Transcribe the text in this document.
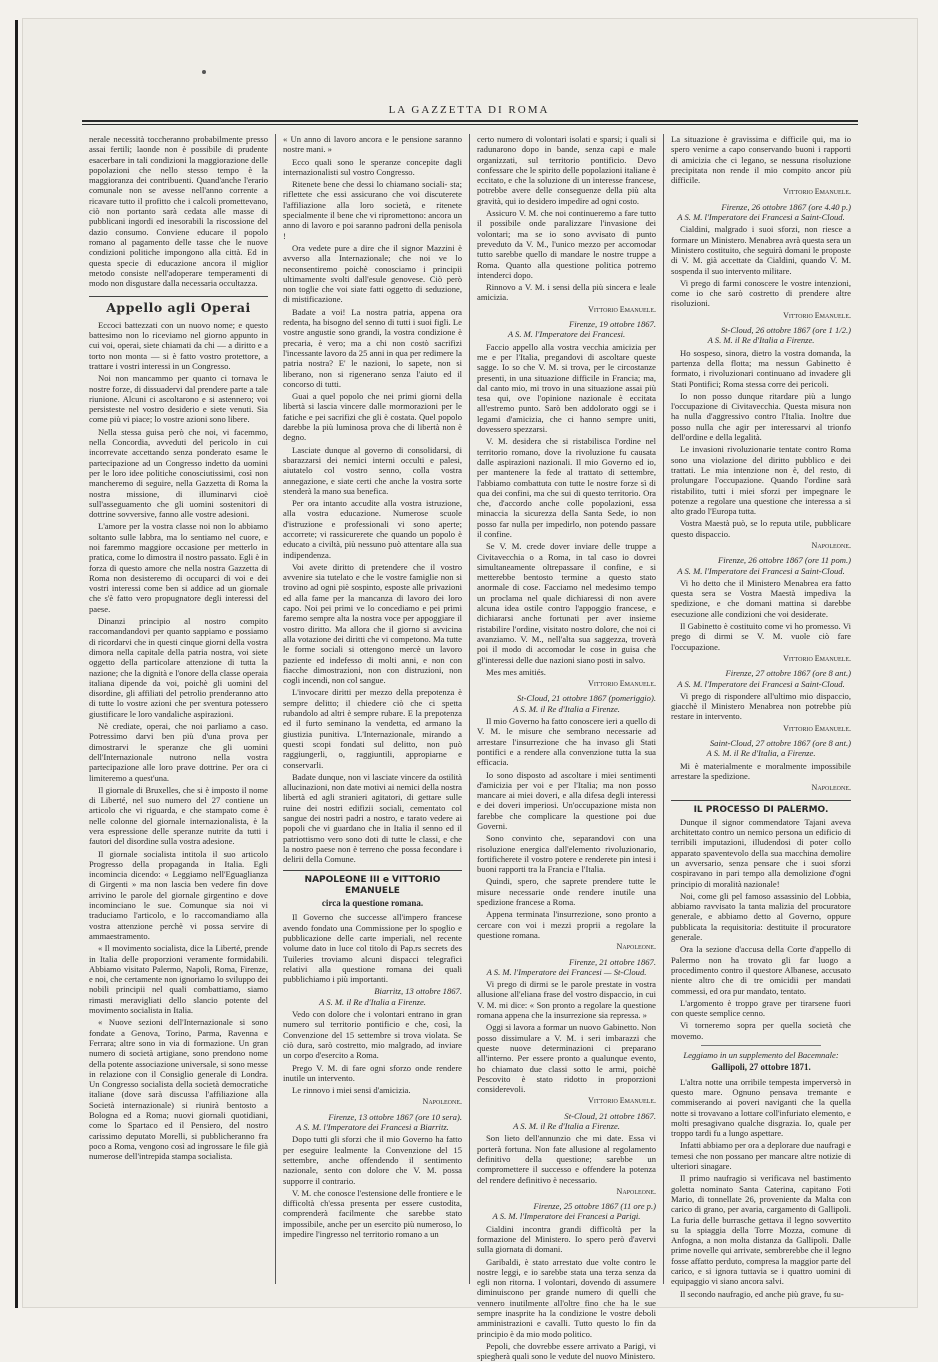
LA GAZZETTA DI ROMA

nerale necessità toccheranno probabilmente presso assai fertili; laonde non è possibile di prudente esacerbare in tali condizioni la maggiorazione delle popolazioni che nello stesso tempo è la maggioranza dei contribuenti. Quand'anche l'erario comunale non se avesse nell'anno corrente a ricavare tutto il profitto che i calcoli promettevano, ciò non portanto sarà cedata alle masse di pubblicani ingordi ed inesorabili la riscossione del dazio consumo. Conviene educare il popolo romano al pagamento delle tasse che le nuove condizioni politiche impongono alla città. Ed in questa specie di educazione ancora il miglior metodo consiste nell'adoperare temperamenti di modo non disgustare dalla necessaria occultazza.

Appello agli Operai

Eccoci battezzati con un nuovo nome; e questo battesimo non lo riceviamo nel giorno appunto in cui voi, operai, siete chiamati da chi — a diritto e a torto non monta — si è fatto vostro protettore, a trattare i vostri interessi in un Congresso.

Noi non mancammo per quanto ci tornava le nostre forze, di dissuadervi dal prendere parte a tale riunione. Alcuni ci ascoltarono e si astennero; voi persisteste nel vostro desiderio e siete venuti. Sia come più vi piace; lo vostre azioni sono libere.

Nella stessa guisa però che noi, vi facemmo, nella Concordia, avveduti del pericolo in cui incorrevate accettando senza ponderato esame le partecipazione ad un Congresso indetto da uomini per le loro idee politiche conosciutissimi, così non mancheremo di seguire, nella Gazzetta di Roma la nostra missione, di illuminarvi cioè sull'asseguamento che gli uomini sostenitori di dottrine sovversive, fanno alle vostre adesioni.

L'amore per la vostra classe noi non lo abbiamo soltanto sulle labbra, ma lo sentiamo nel cuore, e noi faremmo maggiore occasione per metterlo in pratica, come lo dimostra il nostro passato. Egli è in forza di questo amore che nella nostra Gazzetta di Roma non desisteremo di occuparci di voi e dei vostri interessi come ben si addice ad un giornale che s'è fatto vero propugnatore degli interessi del paese.

Dinanzi principio al nostro compito raccomandandovi per quanto sappiamo e possiamo di ricordarvi che in questi cinque giorni della vostra dimora nella capitale della patria nostra, voi siete oggetto della particolare attenzione di tutta la nazione; che la dignità e l'onore della classe operaia italiana dipende da voi, poichè gli uomini del disordine, gli affiliati del petrolio prenderanno atto di tutte lo vostre azioni che per sventura potessero giustificare le loro vandaliche aspirazioni.

Nè crediate, operai, che noi parliamo a caso. Potressimo darvi ben più d'una prova per dimostrarvi le speranze che gli uomini dell'Internazionale nutrono nella vostra partecipazione alle loro prave dottrine. Per ora ci limiteremo a quest'una.

Il giornale di Bruxelles, che si è imposto il nome di Liberté, nel suo numero del 27 contiene un articolo che vi riguarda, e che stampato come è nelle colonne del giornale internazionalista, è la vera espressione delle speranze nutrite da tutti i fautori del disordine sulla vostra adesione.

Il giornale socialista intitola il suo articolo Progresso della propaganda in Italia. Egli incomincia dicendo: « Leggiamo nell'Eguaglianza di Girgenti » ma non lascia ben vedere fin dove arrivino le parole del giornale girgentino e dove incominciano le sue. Comunque sia noi vi traduciamo l'articolo, e lo raccomandiamo alla vostra attenzione perchè vi possa servire di ammaestramento.

« Il movimento socialista, dice la Liberté, prende in Italia delle proporzioni veramente formidabili. Abbiamo visitato Palermo, Napoli, Roma, Firenze, e noi, che certamente non ignoriamo lo sviluppo dei nobili principii nel quali combattiamo, siamo rimasti meravigliati dello slancio potente del movimento socialista in Italia.

« Nuove sezioni dell'Internazionale si sono fondate a Genova, Torino, Parma, Ravenna e Ferrara; altre sono in via di formazione. Un gran numero di società artigiane, sono prendono nome della potente associazione universale, si sono messe in relazione con il Consiglio generale di Londra. Un Congresso socialista della società democratiche italiane (dove sarà discussa l'affiliazione alla Società internazionale) si riunirà bentosto a Bologna ed a Roma; nuovi giornali quotidiani, come lo Spartaco ed il Pensiero, del nostro carissimo deputato Morelli, si pubblicheranno fra poco a Roma, vengono così ad ingrossare le file già numerose dell'intrepida stampa socialista.

« Un anno di lavoro ancora e le pensione saranno nostre mani. »

Ecco quali sono le speranze concepite dagli internazionalisti sul vostro Congresso.

Ritenete bene che dessi lo chiamano sociali- sta; riflettete che essi assicurano che voi discuterete l'affiliazione alla loro società, e ritenete specialmente il bene che vi ripromettono: ancora un anno di lavoro e poi saranno padroni della penisola !

Ora vedete pure a dire che il signor Mazzini è avverso alla Internazionale; che noi ve lo neconsentiremo poichè conosciamo i principii ultimamente svolti dall'esule genovese. Ciò però non toglie che voi siate fatti oggetto di seduzione, di mistificazione.

Badate a voi! La nostra patria, appena ora redenta, ha bisogno del senno di tutti i suoi figli. Le vostre angustie sono grandi, la vostra condizione è precaria, è vero; ma a chi non costò sacrifizi l'incessante lavoro da 25 anni in qua per redimere la patria nostra? E' le nazioni, lo sapete, non si liberano, non si rigenerano senza l'aiuto ed il concorso di tutti.

Guai a quel popolo che nei primi giorni della libertà si lascia vincere dalle mormorazioni per le fatiche e pei sacrifizi che gli è costata. Quel popolo darebbe la più luminosa prova che di libertà non è degno.

Lasciate dunque al governo di consolidarsi, di sbarazzarsi dei nemici interni occulti e palesi, aiutatelo col vostro senno, colla vostra annegazione, e siate certi che anche la vostra sorte stenderà la mano sua benefica.

Per ora intanto accudite alla vostra istruzione, alla vostra educazione. Numerose scuole d'istruzione e professionali vi sono aperte; accorrete; vi rassicurerete che quando un popolo è educato a civiltà, più nessuno può attentare alla sua indipendenza.

Voi avete diritto di pretendere che il vostro avvenire sia tutelato e che le vostre famiglie non si trovino ad ogni piè sospinto, esposte alle privazioni ed alla fame per la mancanza di lavoro dei loro capo. Noi pei primi ve lo concediamo e pei primi faremo sempre alta la nostra voce per appoggiare il vostro diritto. Ma allora che il giorno si avvicina alla votazione dei diritti che vi competono. Ma tutte le forme sociali si ottengono mercè un lavoro paziente ed indefesso di molti anni, e non con fiacche dimostrazioni, non con distruzioni, non cogli incendi, non col sangue.

L'invocare diritti per mezzo della prepotenza è sempre delitto; il chiedere ciò che ci spetta rubandolo ad altri è sempre rubare. E la prepotenza ed il furto seminano la vendetta, ed armano la giustizia punitiva. L'Internazionale, mirando a questi scopi fondati sul delitto, non può raggiungerli, o, raggiuntili, appropiarne e conservarli.

Badate dunque, non vi lasciate vincere da ostilità allucinazioni, non date motivi ai nemici della nostra libertà ed agli stranieri agitatori, di gettare sulle ruine dei nostri edifizii sociali, cementato col sangue dei nostri padri a nostro, e tarato vedere ai popoli che vi guardano che in Italia il senno ed il patriottismo vero sono doti di tutte le classi, e che la nostro paese non è terreno che possa fecondare i delirii della Comune.

NAPOLEONE III e VITTORIO EMANUELE
circa la questione romana.

Il Governo che successe all'impero francese avendo fondato una Commissione per lo spoglio e pubblicazione delle carte imperiali, nel recente volume dato in luce col titolo di Pap.rs secrets des Tuileries troviamo alcuni dispacci telegrafici relativi alla questione romana dei quali pubblichiamo i più importanti.

Biarritz, 13 ottobre 1867.
A S. M. il Re d'Italia a Firenze.

Vedo con dolore che i volontari entrano in gran numero sul territorio pontificio e che, così, la Convenzione del 15 settembre si trova violata. Se ciò dura, sarò costretto, mio malgrado, ad inviare un corpo d'esercito a Roma.

Prego V. M. di fare ogni sforzo onde rendere inutile un intervento.

Le rinnovo i miei sensi d'amicizia.

Napoleone.
Firenze, 13 ottobre 1867 (ore 10 sera).
A S. M. l'Imperatore dei Francesi a Biarritz.

Dopo tutti gli sforzi che il mio Governo ha fatto per eseguire lealmente la Convenzione del 15 settembre, anche offendendo il sentimento nazionale, sento con dolore che V. M. possa supporre il contrario.

V. M. che conosce l'estensione delle frontiere e le difficoltà ch'essa presenta per essere custodita, comprenderà facilmente che sarebbe stato impossibile, anche per un esercito più numeroso, lo impedire l'ingresso nel territorio romano a un

certo numero di volontari isolati e sparsi; i quali si radunarono dopo in bande, senza capi e male organizzati, sul territorio pontificio. Devo confessare che le spirito delle popolazioni italiane è eccitato, e che la soluzione di un interesse francese, potrebbe avere delle conseguenze della più alta gravità, qui io desidero impedire ad ogni costo.

Assicuro V. M. che noi continueremo a fare tutto il possibile onde paralizzare l'invasione dei volontari; ma se io sono avvisato di punto preveduto da V. M., l'unico mezzo per accomodar tutto sarebbe quello di mandare le nostre truppe a Roma. Quanto alla questione politica potremo intenderci dopo.

Rinnovo a V. M. i sensi della più sincera e leale amicizia.

Vittorio Emanuele.
Firenze, 19 ottobre 1867.
A S. M. l'Imperatore dei Francesi.

Faccio appello alla vostra vecchia amicizia per me e per l'Italia, pregandovi di ascoltare queste sagge. Io so che V. M. si trova, per le circostanze presenti, in una situazione difficile in Francia; ma, dal canto mio, mi trovo in una situazione assai più tesa qui, ove l'opinione nazionale è eccitata all'estremo punto. Sarò ben addolorato oggi se i legami d'amicizia, che ci hanno sempre uniti, dovessero spezzarsi.

V. M. desidera che si ristabilisca l'ordine nel territorio romano, dove la rivoluzione fu causata dalle aspirazioni nazionali. Il mio Governo ed io, per mantenere la fede al trattato di settembre, l'abbiamo combattuta con tutte le nostre forze sì di qua dei confini, ma che sui di questo territorio. Ora che, d'accordo anche colle popolazioni, essa minaccia la sicurezza della Santa Sede, io non posso far nulla per impedirlo, non potendo passare il confine.

Se V. M. crede dover inviare delle truppe a Civitavecchia o a Roma, in tal caso io dovrei simultaneamente oltrepassare il confine, e si metterebbe bentosto termine a questo stato anormale di cose. Facciamo nel medesimo tempo un proclama nel quale dichiaressi di non avere alcuna idea ostile contro l'appoggio francese, e dichiararsi anche fortunati per aver insieme ristabilire l'ordine, visitato nostro dolore, che noi ci avanziamo. V. M., nell'alta sua saggezza, troverà poi il modo di accomodar le cose in guisa che gl'interessi delle due nazioni siano posti in salvo.

Mes mes amitiés.

Vittorio Emanuele.
St-Cloud, 21 ottobre 1867 (pomeriggio).
A S. M. il Re d'Italia a Firenze.

Il mio Governo ha fatto conoscere ieri a quello di V. M. le misure che sembrano necessarie ad arrestare l'insurrezione che ha invaso gli Stati pontifici e a rendere alla convenzione tutta la sua efficacia.

Io sono disposto ad ascoltare i miei sentimenti d'amicizia per voi e per l'Italia; ma non posso mancare ai miei doveri, e alla difesa degli interessi e dei doveri imperiosi. Un'occupazione mista non farebbe che complicare la questione poi due Governi.

Sono convinto che, separandovi con una risoluzione energica dall'elemento rivoluzionario, fortificherete il vostro potere e renderete pin intesi i buoni rapporti tra la Francia e l'Italia.

Quindi, spero, che saprete prendere tutte le misure necessarie onde rendere inutile una spedizione francese a Roma.

Appena terminata l'insurrezione, sono pronto a cercare con voi i mezzi proprii a regolare la questione romana.

Napoleone.
Firenze, 21 ottobre 1867.
A S. M. l'Imperatore dei Francesi — St-Cloud.

Vi prego di dirmi se le parole prestate in vostra allusione all'eliana frase del vostro dispaccio, in cui V. M. mi dice: « Son pronto a regolare la questione romana appena che la insurrezione sia repressa. »

Oggi si lavora a formar un nuovo Gabinetto. Non posso dissimulare a V. M. i seri imbarazzi che queste nuove determinazioni ci preparano all'interno. Per essere pronto a qualunque evento, ho chiamato due classi sotto le armi, poichè Pescovito è stato ridotto in proporzioni considerevoli.

Vittorio Emanuele.
St-Cloud, 21 ottobre 1867.
A S. M. il Re d'Italia a Firenze.

Son lieto dell'annunzio che mi date. Essa vi porterà fortuna. Non fate allusione al regolamento definitivo della questione; sarebbe un compromettere il successo e offendere la potenza del rendere definitivo è necessario.

Napoleone.
Firenze, 25 ottobre 1867 (11 ore p.)
A S. M. l'Imperatore dei Francesi a Parigi.

Cialdini incontra grandi difficoltà per la formazione del Ministero. Io spero però d'avervi sulla giornata di domani.

Garibaldi, è stato arrestato due volte contro le nostre leggi, e io sarebbe stata una terza senza da egli non ritorna. I volontari, dovendo di assumere diminuiscono per grande numero di quelli che vennero inutilmente all'oltre fino che ha le sue sempre inasprite ha la condizione le vostre deboli amministrazioni e cavalli. Tutto questo lo fin da principio è da mio modo politico.

Pepoli, che dovrebbe essere arrivato a Parigi, vi spiegherà quali sono le vedute del nuovo Ministero.

La situazione è gravissima e difficile qui, ma io spero venirne a capo conservando buoni i rapporti di amicizia che ci legano, se nessuna risoluzione precipitata non rende il mio compito ancor più difficile.

Vittorio Emanuele.
Firenze, 26 ottobre 1867 (ore 4.40 p.)
A S. M. l'Imperatore dei Francesi a Saint-Cloud.

Cialdini, malgrado i suoi sforzi, non riesce a formare un Ministero. Menabrea avrà questa sera un Ministero costituito, che seguirà domani le proposte di V. M. già accettate da Cialdini, quando V. M. sospenda il suo intervento militare.

Vi prego di farmi conoscere le vostre intenzioni, come io che sarò costretto di prendere altre risoluzioni.

Vittorio Emanuele.
St-Cloud, 26 ottobre 1867 (ore 1 1/2.)
A S. M. il Re d'Italia a Firenze.

Ho sospeso, sinora, dietro la vostra domanda, la partenza della flotta; ma nessun Gabinetto è formato, i rivoluzionari continuano ad invadere gli Stati Pontifici; Roma stessa corre dei pericoli.

Io non posso dunque ritardare più a lungo l'occupazione di Civitavecchia. Questa misura non ha nulla d'aggressivo contro l'Italia. Inoltre due posso nulla che agir per interessarvi al trionfo dell'ordine e della legalità.

Le invasioni rivoluzionarie tentate contro Roma sono una violazione del diritto pubblico e dei trattati. Le mia intenzione non è, del resto, di prolungare l'occupazione. Quando l'ordine sarà ristabilito, tutti i miei sforzi per impegnare le potenze a regolare una questione che interessa a sì alto grado l'Europa tutta.

Vostra Maestà può, se lo reputa utile, pubblicare questo dispaccio.

Napoleone.
Firenze, 26 ottobre 1867 (ore 11 pom.)
A S. M. l'Imperatore dei Francesi a Saint-Cloud.

Vi ho detto che il Ministero Menabrea era fatto questa sera se Vostra Maestà impediva la spedizione, e che domani mattina si darebbe esecuzione alle condizioni che voi desiderate.

Il Gabinetto è costituito come vi ho promesso. Vi prego di dirmi se V. M. vuole ciò fare l'occupazione.

Vittorio Emanuele.
Firenze, 27 ottobre 1867 (ore 8 ant.)
A S. M. l'Imperatore dei Francesi a Saint-Cloud.

Vi prego di rispondere all'ultimo mio dispaccio, giacchè il Ministero Menabrea non potrebbe più restare in intervento.

Vittorio Emanuele.
Saint-Cloud, 27 ottobre 1867 (ore 8 ant.)
A S. M. il Re d'Italia, a Firenze.

Mi è materialmente e moralmente impossibile arrestare la spedizione.

Napoleone.
IL PROCESSO DI PALERMO.

Dunque il signor commendatore Tajani aveva architettato contro un nemico persona un edificio di terribili imputazioni, illudendosi di poter collo apparato spaventevolo della sua macchina demolire un avversario, senza pensare che i suoi sforzi cospiravano in pari tempo alla demolizione d'ogni principio di moralità nazionale!

Noi, come gli pel famoso assassinio del Lobbia, abbiamo ravvisato la tanta malizia del procuratore generale, e abbiamo detto al Governo, oppure pubblicata la requisitoria: destituite il procuratore generale.

Ora la sezione d'accusa della Corte d'appello di Palermo non ha trovato gli far luogo a procedimento contro il questore Albanese, accusato niente altro che di tre omicidii per mandati commessi, ed ora pur mandato, tentato.

L'argomento è troppo grave per tirarsene fuori con queste semplice cenno.

Vi torneremo sopra per quella società che movemo.

Leggiamo in un supplemento del Bacemnale:
Gallipoli, 27 ottobre 1871.

L'altra notte una orribile tempesta imperversò in questo mare. Ognuno pensava tremante e commiserando ai poveri naviganti che la quella notte si trovavano a lottare coll'infuriato elemento, e molti presagivano qualche disgrazia. Io, quale per troppo tardi fu a lungo aspettare.

Infatti abbiamo per ora a deplorare due naufragi e temesi che non possano per mancare altre notizie di ulteriori sinagare.

Il primo naufragio si verificava nel bastimento goletta nominato Santa Caterina, capitano Foti Mario, di tonnellate 26, proveniente da Malta con carico di grano, per avaria, cargamento di Gallipoli. La furia delle burrasche gettava il legno sovvertito su la spiaggia della Torre Mozza, comune di Anfogna, a non molta distanza da Gallipoli. Dalle prime novelle qui arrivate, sembrerebbe che il legno fosse affatto perduto, compresa la maggior parte del carico, e si ignora tuttavia se i quattro uomini di equipaggio vi siano ancora salvi.

Il secondo naufragio, ed anche più grave, fu su-
